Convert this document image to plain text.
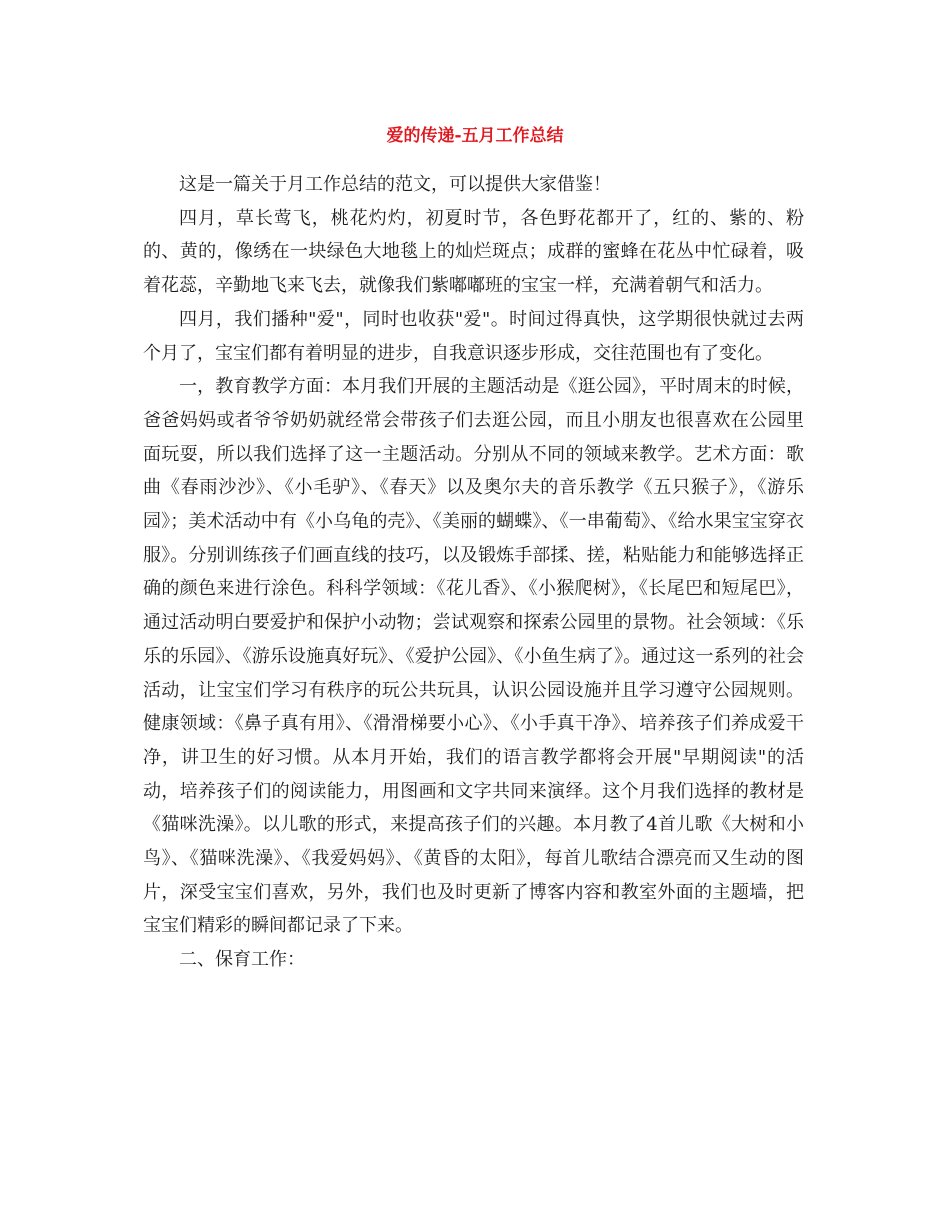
爱的传递-五月工作总结

这是一篇关于月工作总结的范文，可以提供大家借鉴！

四月，草长莺飞，桃花灼灼，初夏时节，各色野花都开了，红的、紫的、粉的、黄的，像绣在一块绿色大地毯上的灿烂斑点；成群的蜜蜂在花丛中忙碌着，吸着花蕊，辛勤地飞来飞去，就像我们紫嘟嘟班的宝宝一样，充满着朝气和活力。

四月，我们播种"爱"，同时也收获"爱"。时间过得真快，这学期很快就过去两个月了，宝宝们都有着明显的进步，自我意识逐步形成，交往范围也有了变化。

一，教育教学方面：本月我们开展的主题活动是《逛公园》，平时周末的时候，爸爸妈妈或者爷爷奶奶就经常会带孩子们去逛公园，而且小朋友也很喜欢在公园里面玩耍，所以我们选择了这一主题活动。分别从不同的领域来教学。艺术方面：歌曲《春雨沙沙》、《小毛驴》、《春天》以及奥尔夫的音乐教学《五只猴子》，《游乐园》；美术活动中有《小乌龟的壳》、《美丽的蝴蝶》、《一串葡萄》、《给水果宝宝穿衣服》。分别训练孩子们画直线的技巧，以及锻炼手部揉、搓，粘贴能力和能够选择正确的颜色来进行涂色。科科学领域：《花儿香》、《小猴爬树》，《长尾巴和短尾巴》，通过活动明白要爱护和保护小动物；尝试观察和探索公园里的景物。社会领域：《乐乐的乐园》、《游乐设施真好玩》、《爱护公园》、《小鱼生病了》。通过这一系列的社会活动，让宝宝们学习有秩序的玩公共玩具，认识公园设施并且学习遵守公园规则。健康领域：《鼻子真有用》、《滑滑梯要小心》、《小手真干净》、培养孩子们养成爱干净，讲卫生的好习惯。从本月开始，我们的语言教学都将会开展"早期阅读"的活动，培养孩子们的阅读能力，用图画和文字共同来演绎。这个月我们选择的教材是《猫咪洗澡》。以儿歌的形式，来提高孩子们的兴趣。本月教了4首儿歌《大树和小鸟》、《猫咪洗澡》、《我爱妈妈》、《黄昏的太阳》，每首儿歌结合漂亮而又生动的图片，深受宝宝们喜欢，另外，我们也及时更新了博客内容和教室外面的主题墙，把宝宝们精彩的瞬间都记录了下来。

二、保育工作：
